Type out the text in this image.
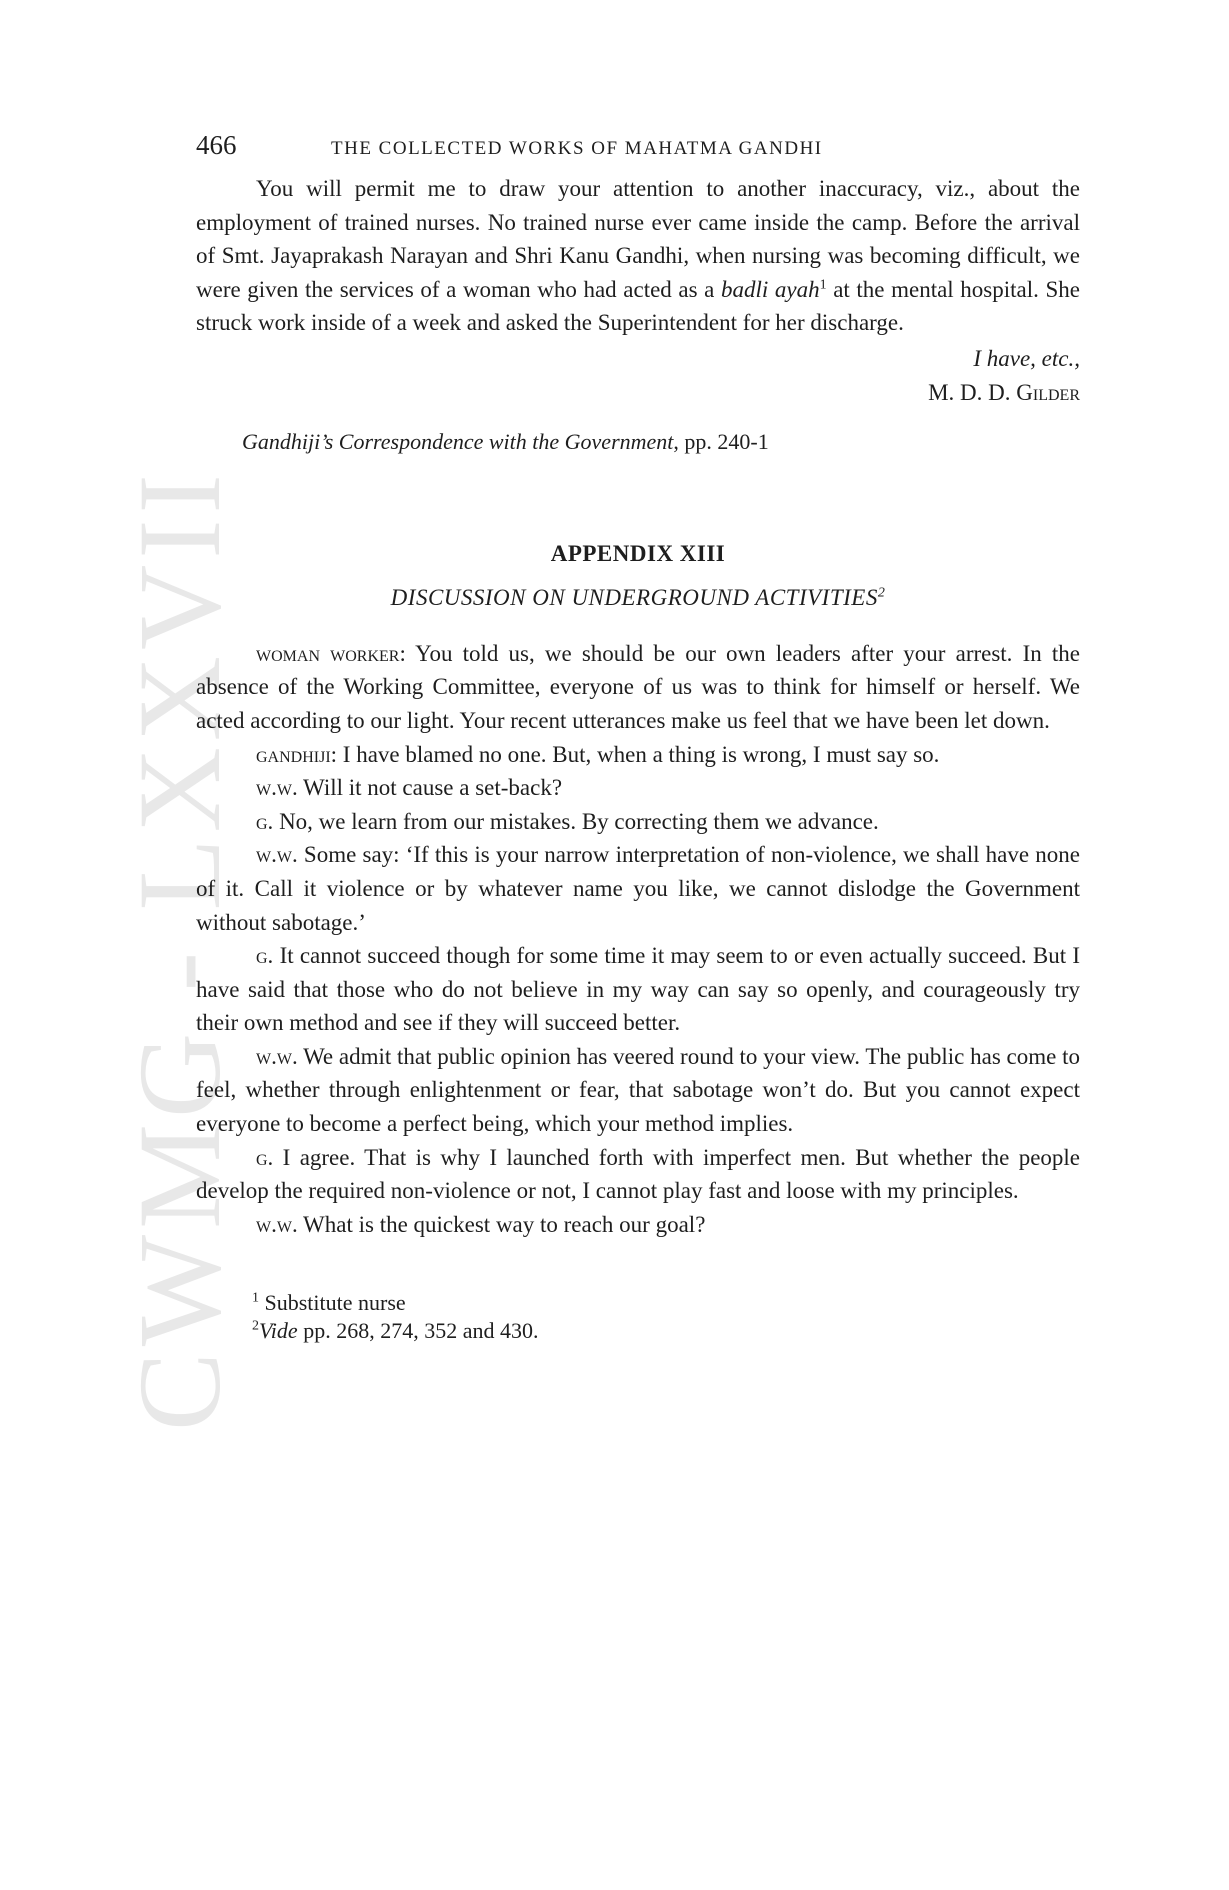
CWMG - LXXVII
466	THE COLLECTED WORKS OF MAHATMA GANDHI

You will permit me to draw your attention to another inaccuracy, viz., about the employment of trained nurses. No trained nurse ever came inside the camp. Before the arrival of Smt. Jayaprakash Narayan and Shri Kanu Gandhi, when nursing was becoming difficult, we were given the services of a woman who had acted as a badli ayah$^1$ at the mental hospital. She struck work inside of a week and asked the Superintendent for her discharge.

I have, etc.,
M. D. D. Gilder
Gandhiji’s Correspondence with the Government, pp. 240-1
APPENDIX XIII
DISCUSSION ON UNDERGROUND ACTIVITIES$^2$

woman worker: You told us, we should be our own leaders after your arrest. In the absence of the Working Committee, everyone of us was to think for himself or herself. We acted according to our light. Your recent utterances make us feel that we have been let down.

gandhiji: I have blamed no one. But, when a thing is wrong, I must say so.

w.w. Will it not cause a set-back?

g. No, we learn from our mistakes. By correcting them we advance.

w.w. Some say: ‘If this is your narrow interpretation of non-violence, we shall have none of it. Call it violence or by whatever name you like, we cannot dislodge the Government without sabotage.’

g. It cannot succeed though for some time it may seem to or even actually succeed. But I have said that those who do not believe in my way can say so openly, and courageously try their own method and see if they will succeed better.

w.w. We admit that public opinion has veered round to your view. The public has come to feel, whether through enlightenment or fear, that sabotage won’t do. But you cannot expect everyone to become a perfect being, which your method implies.

g. I agree. That is why I launched forth with imperfect men. But whether the people develop the required non-violence or not, I cannot play fast and loose with my principles.

w.w. What is the quickest way to reach our goal?

$^1$ Substitute nurse
$^2$Vide pp. 268, 274, 352 and 430.
